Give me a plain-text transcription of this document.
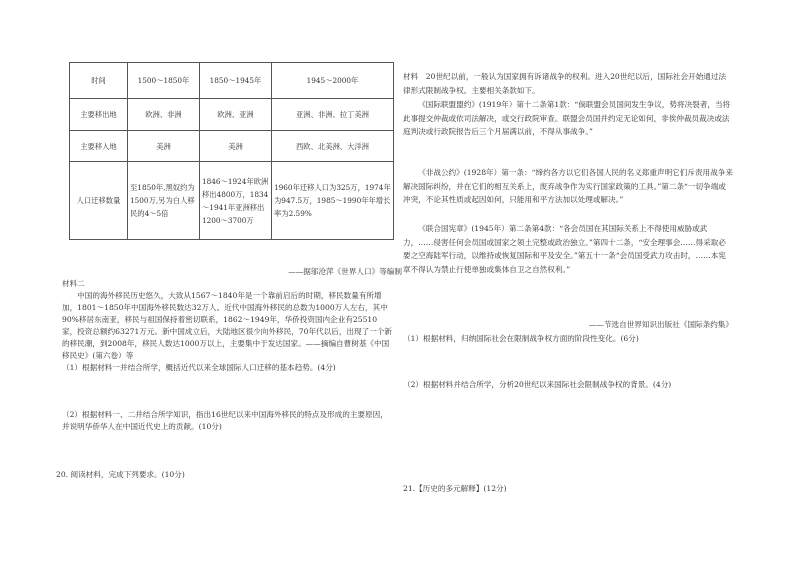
时间	1500～1850年	1850～1945年	1945～2000年
主要移出地	欧洲、非洲	欧洲、亚洲	亚洲、非洲、拉丁美洲
主要移入地	美洲	美洲	西欧、北美洲、大洋洲
人口迁移数量	至1850年,黑奴约为1500万,另为白人移民的4～5倍	1846～1924年欧洲移出4800万，1834～1941年亚洲移出1200～3700万	1960年迁移人口为325万，1974年为947.5万，1985～1990年年增长率为2.59%
——据邬沧萍《世界人口》等编制
材料二

中国的海外移民历史悠久，大致从1567～1840年是一个靠前启后的时期，移民数量有所增加，1801～1850年中国海外移民数达32万人。近代中国海外移民的总数为1000万人左右，其中90%移居东南亚，移民与祖国保持着密切联系，1862～1949年，华侨投资国内企业有25510家，投资总额约63271万元。新中国成立后，大陆地区很少向外移民，70年代以后，出现了一个新的移民潮，到2008年，移民人数达1000万以上，主要集中于发达国家。——摘编自曹树基《中国移民史》(第六卷）等

（1）根据材料一并结合所学，概括近代以来全球国际人口迁移的基本趋势。(4分)

（2）根据材料一、二并结合所学知识，指出16世纪以来中国海外移民的特点及形成的主要原因，并说明华侨华人在中国近代史上的贡献。(10分)

20. 阅读材料，完成下列要求。(10分)

材料　20世纪以前，一般认为国家拥有诉诸战争的权利。进入20世纪以后，国际社会开始通过法律形式限制战争权。主要相关条款如下。

《国际联盟盟约》(1919年）第十二条第1款：“倘联盟会员国间发生争议，势将决裂者，当将此事提交仲裁或依司法解决，或交行政院审查。联盟会员国并约定无论如何，非俟仲裁员裁决或法庭判决或行政院报告后三个月届满以前，不得从事战争。”

《非战公约》(1928年）第一条：“缔约各方以它们各国人民的名义郑重声明它们斥责用战争来解决国际纠纷，并在它们的相互关系上，废弃战争作为实行国家政策的工具。”第二条“一切争端或冲突，不论其性质或起因如何，只能用和平方法加以处理或解决。”

《联合国宪章》(1945年）第二条第4款：“各会员国在其国际关系上不得使用威胁或武力，……侵害任何会员国或国家之领土完整或政治独立。”第四十二条，“安全理事会……得采取必要之空海陆军行动，以维持或恢复国际和平及安全。”第五十一条“会员国受武力攻击时，……本宪章不得认为禁止行使单独或集体自卫之自然权利。”

——节选自世界知识出版社《国际条约集》

（1）根据材料，归纳国际社会在限制战争权方面的阶段性变化。(6分)

（2）根据材料并结合所学，分析20世纪以来国际社会限制战争权的背景。(4分)

21.【历史的多元解释】(12分)
